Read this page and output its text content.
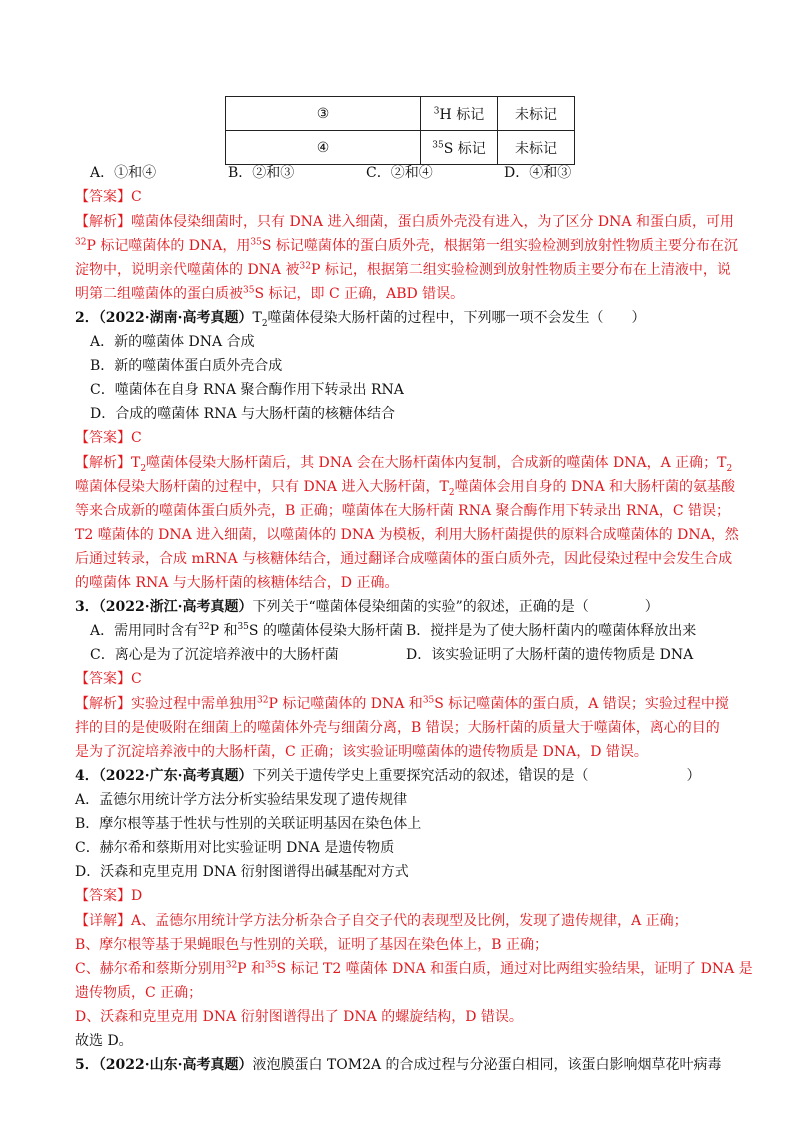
③	$^3$H 标记	未标记
④	$^{35}$S 标记	未标记
A．①和④	B．②和③	C．②和④	D．④和③
【答案】C
【解析】噬菌体侵染细菌时，只有 DNA 进入细菌，蛋白质外壳没有进入，为了区分 DNA 和蛋白质，可用
$^{32}$P 标记噬菌体的 DNA，用$^{35}$S 标记噬菌体的蛋白质外壳，根据第一组实验检测到放射性物质主要分布在沉
淀物中，说明亲代噬菌体的 DNA 被$^{32}$P 标记，根据第二组实验检测到放射性物质主要分布在上清液中，说
明第二组噬菌体的蛋白质被$^{35}$S 标记，即 C 正确，ABD 错误。
2．（2022·湖南·高考真题）$T_2$噬菌体侵染大肠杆菌的过程中，下列哪一项不会发生（　　）
A．新的噬菌体 DNA 合成
B．新的噬菌体蛋白质外壳合成
C．噬菌体在自身 RNA 聚合酶作用下转录出 RNA
D．合成的噬菌体 RNA 与大肠杆菌的核糖体结合
【答案】C
【解析】$T_2$噬菌体侵染大肠杆菌后，其 DNA 会在大肠杆菌体内复制，合成新的噬菌体 DNA，A 正确；$T_2$
噬菌体侵染大肠杆菌的过程中，只有 DNA 进入大肠杆菌，$T_2$噬菌体会用自身的 DNA 和大肠杆菌的氨基酸
等来合成新的噬菌体蛋白质外壳，B 正确；噬菌体在大肠杆菌 RNA 聚合酶作用下转录出 RNA，C 错误；
T2 噬菌体的 DNA 进入细菌，以噬菌体的 DNA 为模板，利用大肠杆菌提供的原料合成噬菌体的 DNA，然
后通过转录，合成 mRNA 与核糖体结合，通过翻译合成噬菌体的蛋白质外壳，因此侵染过程中会发生合成
的噬菌体 RNA 与大肠杆菌的核糖体结合，D 正确。
3．（2022·浙江·高考真题）下列关于“噬菌体侵染细菌的实验”的叙述，正确的是（　　　　）
A．需用同时含有32P 和35S 的噬菌体侵染大肠杆菌 B．搅拌是为了使大肠杆菌内的噬菌体释放出来
C．离心是为了沉淀培养液中的大肠杆菌	D．该实验证明了大肠杆菌的遗传物质是 DNA
【答案】C
【解析】实验过程中需单独用$^{32}$P 标记噬菌体的 DNA 和$^{35}$S 标记噬菌体的蛋白质，A 错误；实验过程中搅
拌的目的是使吸附在细菌上的噬菌体外壳与细菌分离，B 错误；大肠杆菌的质量大于噬菌体，离心的目的
是为了沉淀培养液中的大肠杆菌，C 正确；该实验证明噬菌体的遗传物质是 DNA，D 错误。
4．（2022·广东·高考真题）下列关于遗传学史上重要探究活动的叙述，错误的是（　　　　　　　）
A．孟德尔用统计学方法分析实验结果发现了遗传规律
B．摩尔根等基于性状与性别的关联证明基因在染色体上
C．赫尔希和蔡斯用对比实验证明 DNA 是遗传物质
D．沃森和克里克用 DNA 衍射图谱得出碱基配对方式
【答案】D
【详解】A、孟德尔用统计学方法分析杂合子自交子代的表现型及比例，发现了遗传规律，A 正确；
B、摩尔根等基于果蝇眼色与性别的关联，证明了基因在染色体上，B 正确；
C、赫尔希和蔡斯分别用$^{32}$P 和$^{35}$S 标记 T2 噬菌体 DNA 和蛋白质，通过对比两组实验结果，证明了 DNA 是
遗传物质，C 正确；
D、沃森和克里克用 DNA 衍射图谱得出了 DNA 的螺旋结构，D 错误。
故选 D。
5．（2022·山东·高考真题）液泡膜蛋白 TOM2A 的合成过程与分泌蛋白相同，该蛋白影响烟草花叶病毒
